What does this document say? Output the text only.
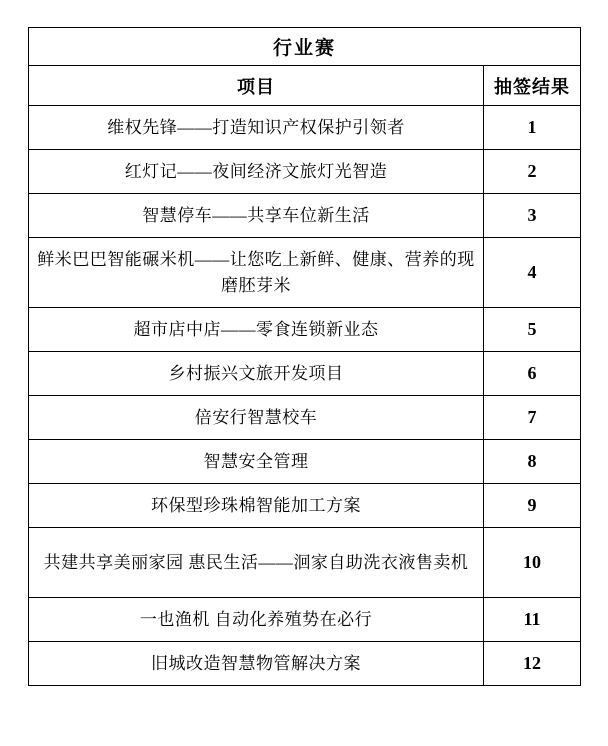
行业赛	
项目	抽签结果
维权先锋——打造知识产权保护引领者	1
红灯记——夜间经济文旅灯光智造	2
智慧停车——共享车位新生活	3
鲜米巴巴智能碾米机——让您吃上新鲜、健康、营养的现磨胚芽米	4
超市店中店——零食连锁新业态	5
乡村振兴文旅开发项目	6
倍安行智慧校车	7
智慧安全管理	8
环保型珍珠棉智能加工方案	9
共建共享美丽家园 惠民生活——洄家自助洗衣液售卖机	10
一也渔机 自动化养殖势在必行	11
旧城改造智慧物管解决方案	12
